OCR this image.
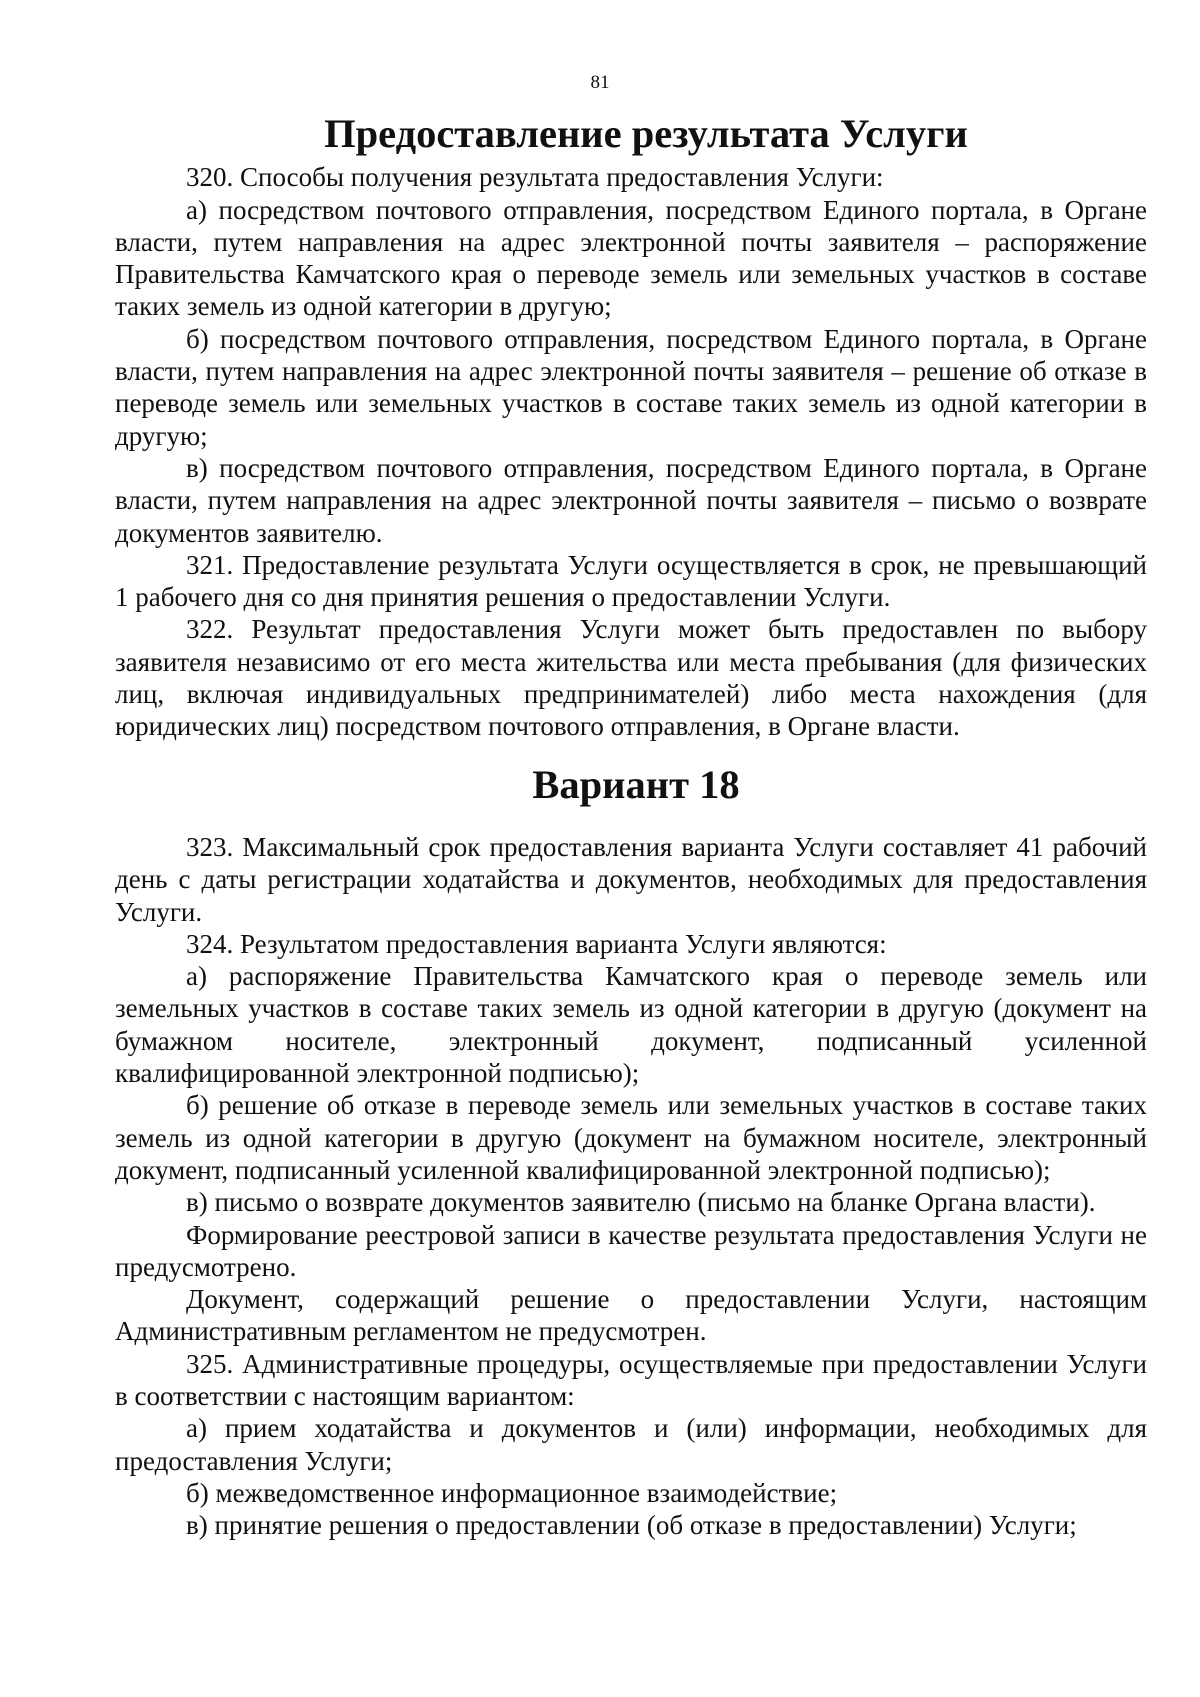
81
Предоставление результата Услуги

320. Способы получения результата предоставления Услуги:

а) посредством почтового отправления, посредством Единого портала, в Органе власти, путем направления на адрес электронной почты заявителя – распоряжение Правительства Камчатского края о переводе земель или земельных участков в составе таких земель из одной категории в другую;

б) посредством почтового отправления, посредством Единого портала, в Органе власти, путем направления на адрес электронной почты заявителя – решение об отказе в переводе земель или земельных участков в составе таких земель из одной категории в другую;

в) посредством почтового отправления, посредством Единого портала, в Органе власти, путем направления на адрес электронной почты заявителя – письмо о возврате документов заявителю.

321. Предоставление результата Услуги осуществляется в срок, не превышающий 1 рабочего дня со дня принятия решения о предоставлении Услуги.

322. Результат предоставления Услуги может быть предоставлен по выбору заявителя независимо от его места жительства или места пребывания (для физических лиц, включая индивидуальных предпринимателей) либо места нахождения (для юридических лиц) посредством почтового отправления, в Органе власти.

Вариант 18

323. Максимальный срок предоставления варианта Услуги составляет 41 рабочий день с даты регистрации ходатайства и документов, необходимых для предоставления Услуги.

324. Результатом предоставления варианта Услуги являются:

а) распоряжение Правительства Камчатского края о переводе земель или земельных участков в составе таких земель из одной категории в другую (документ на бумажном носителе, электронный документ, подписанный усиленной квалифицированной электронной подписью);

б) решение об отказе в переводе земель или земельных участков в составе таких земель из одной категории в другую (документ на бумажном носителе, электронный документ, подписанный усиленной квалифицированной электронной подписью);

в) письмо о возврате документов заявителю (письмо на бланке Органа власти).

Формирование реестровой записи в качестве результата предоставления Услуги не предусмотрено.

Документ, содержащий решение о предоставлении Услуги, настоящим Административным регламентом не предусмотрен.

325. Административные процедуры, осуществляемые при предоставлении Услуги в соответствии с настоящим вариантом:

а) прием ходатайства и документов и (или) информации, необходимых для предоставления Услуги;

б) межведомственное информационное взаимодействие;

в) принятие решения о предоставлении (об отказе в предоставлении) Услуги;
